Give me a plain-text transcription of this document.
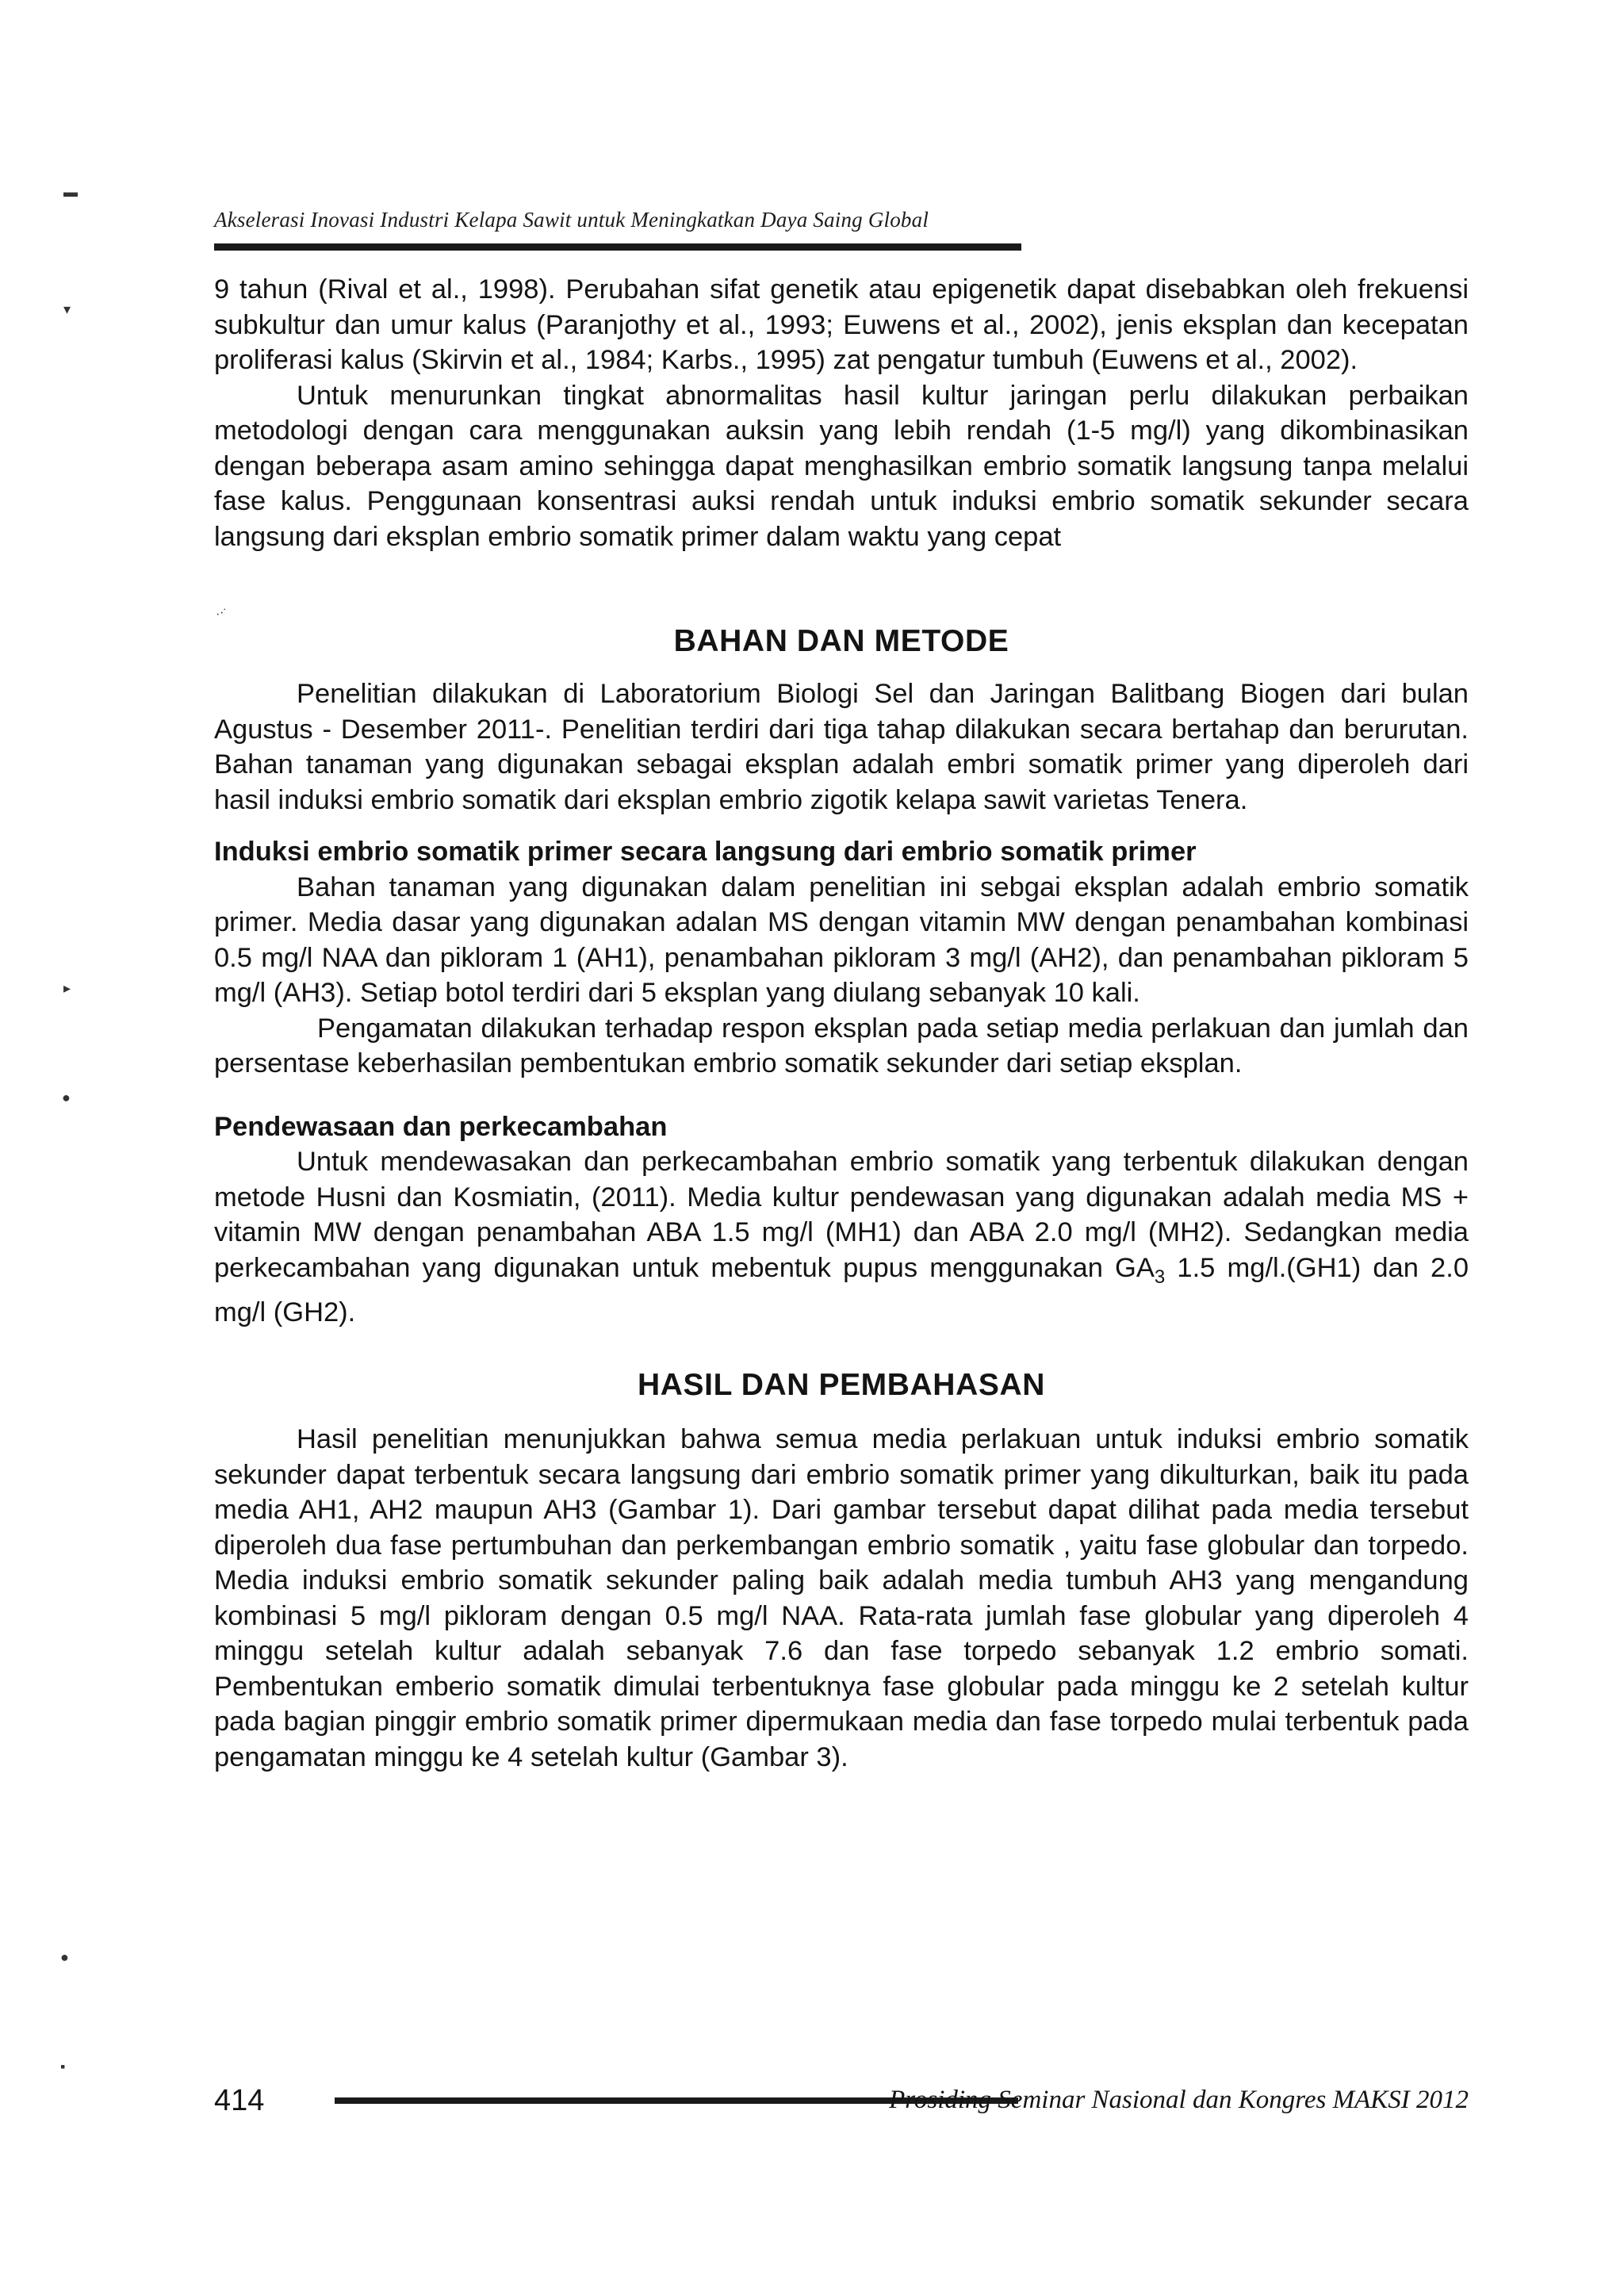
▬
▾
▸
●
●
▪
·ᐧ˙
Akselerasi Inovasi Industri Kelapa Sawit untuk Meningkatkan Daya Saing Global

9 tahun (Rival et al., 1998). Perubahan sifat genetik atau epigenetik dapat disebabkan oleh frekuensi subkultur dan umur kalus (Paranjothy et al., 1993; Euwens et al., 2002), jenis eksplan dan kecepatan proliferasi kalus (Skirvin et al., 1984; Karbs., 1995) zat pengatur tumbuh (Euwens et al., 2002).

Untuk menurunkan tingkat abnormalitas hasil kultur jaringan perlu dilakukan perbaikan metodologi dengan cara menggunakan auksin yang lebih rendah (1-5 mg/l) yang dikombinasikan dengan beberapa asam amino sehingga dapat menghasilkan embrio somatik langsung tanpa melalui fase kalus. Penggunaan konsentrasi auksi rendah untuk induksi embrio somatik sekunder secara langsung dari eksplan embrio somatik primer dalam waktu yang cepat

BAHAN DAN METODE

Penelitian dilakukan di Laboratorium Biologi Sel dan Jaringan Balitbang Biogen dari bulan Agustus - Desember 2011-. Penelitian terdiri dari tiga tahap dilakukan secara bertahap dan berurutan. Bahan tanaman yang digunakan sebagai eksplan adalah embri somatik primer yang diperoleh dari hasil induksi embrio somatik dari eksplan embrio zigotik kelapa sawit varietas Tenera.

Induksi embrio somatik primer secara langsung dari embrio somatik primer

Bahan tanaman yang digunakan dalam penelitian ini sebgai eksplan adalah embrio somatik primer. Media dasar yang digunakan adalan MS dengan vitamin MW dengan penambahan kombinasi 0.5 mg/l NAA dan pikloram 1 (AH1), penambahan pikloram 3 mg/l (AH2), dan penambahan pikloram 5 mg/l (AH3). Setiap botol terdiri dari 5 eksplan yang diulang sebanyak 10 kali.

Pengamatan dilakukan terhadap respon eksplan pada setiap media perlakuan dan jumlah dan persentase keberhasilan pembentukan embrio somatik sekunder dari setiap eksplan.

Pendewasaan dan perkecambahan

Untuk mendewasakan dan perkecambahan embrio somatik yang terbentuk dilakukan dengan metode Husni dan Kosmiatin, (2011). Media kultur pendewasan yang digunakan adalah media MS + vitamin MW dengan penambahan ABA 1.5 mg/l (MH1) dan ABA 2.0 mg/l (MH2). Sedangkan media perkecambahan yang digunakan untuk mebentuk pupus menggunakan $GA_3$ 1.5 mg/l.(GH1) dan 2.0 mg/l (GH2).

HASIL DAN PEMBAHASAN

Hasil penelitian menunjukkan bahwa semua media perlakuan untuk induksi embrio somatik sekunder dapat terbentuk secara langsung dari embrio somatik primer yang dikulturkan, baik itu pada media AH1, AH2 maupun AH3 (Gambar 1). Dari gambar tersebut dapat dilihat pada media tersebut diperoleh dua fase pertumbuhan dan perkembangan embrio somatik , yaitu fase globular dan torpedo. Media induksi embrio somatik sekunder paling baik adalah media tumbuh AH3 yang mengandung kombinasi 5 mg/l pikloram dengan 0.5 mg/l NAA. Rata-rata jumlah fase globular yang diperoleh 4 minggu setelah kultur adalah sebanyak 7.6 dan fase torpedo sebanyak 1.2 embrio somati. Pembentukan emberio somatik dimulai terbentuknya fase globular pada minggu ke 2 setelah kultur pada bagian pinggir embrio somatik primer dipermukaan media dan fase torpedo mulai terbentuk pada pengamatan minggu ke 4 setelah kultur (Gambar 3).

414	Prosiding Seminar Nasional dan Kongres MAKSI 2012
